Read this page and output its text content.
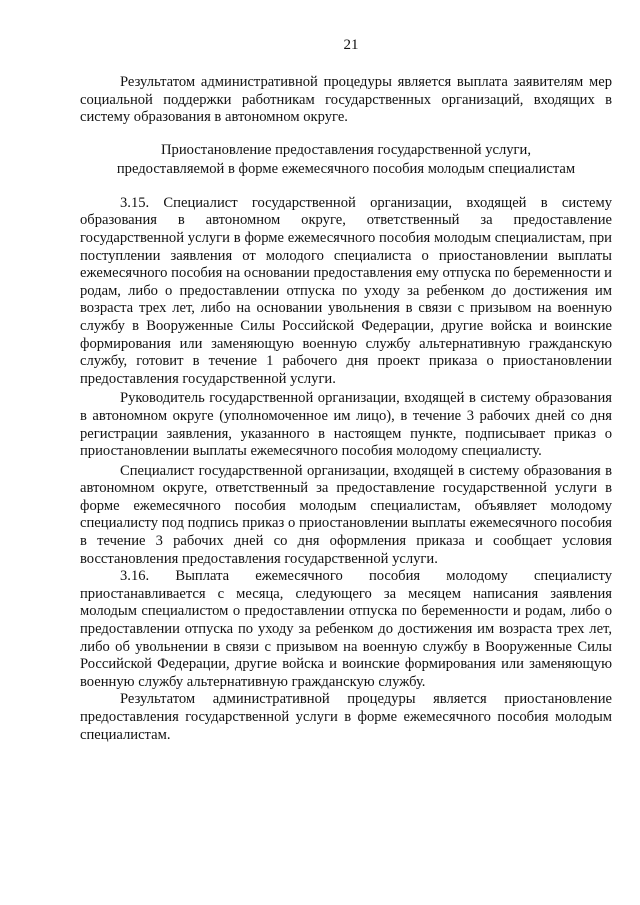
21

Результатом административной процедуры является выплата заявителям мер социальной поддержки работникам государственных организаций, входящих в систему образования в автономном округе.

Приостановление предоставления государственной услуги,
предоставляемой в форме ежемесячного пособия молодым специалистам

3.15. Специалист государственной организации, входящей в систему образования в автономном округе, ответственный за предоставление государственной услуги в форме ежемесячного пособия молодым специалистам, при поступлении заявления от молодого специалиста о приостановлении выплаты ежемесячного пособия на основании предоставления ему отпуска по беременности и родам, либо о предоставлении отпуска по уходу за ребенком до достижения им возраста трех лет, либо на основании увольнения в связи с призывом на военную службу в Вооруженные Силы Российской Федерации, другие войска и воинские формирования или заменяющую военную службу альтернативную гражданскую службу, готовит в течение 1 рабочего дня проект приказа о приостановлении предоставления государственной услуги.

Руководитель государственной организации, входящей в систему образования в автономном округе (уполномоченное им лицо), в течение 3 рабочих дней со дня регистрации заявления, указанного в настоящем пункте, подписывает приказ о приостановлении выплаты ежемесячного пособия молодому специалисту.

Специалист государственной организации, входящей в систему образования в автономном округе, ответственный за предоставление государственной услуги в форме ежемесячного пособия молодым специалистам, объявляет молодому специалисту под подпись приказ о приостановлении выплаты ежемесячного пособия в течение 3 рабочих дней со дня оформления приказа и сообщает условия восстановления предоставления государственной услуги.

3.16. Выплата ежемесячного пособия молодому специалисту приостанавливается с месяца, следующего за месяцем написания заявления молодым специалистом о предоставлении отпуска по беременности и родам, либо о предоставлении отпуска по уходу за ребенком до достижения им возраста трех лет, либо об увольнении в связи с призывом на военную службу в Вооруженные Силы Российской Федерации, другие войска и воинские формирования или заменяющую военную службу альтернативную гражданскую службу.

Результатом административной процедуры является приостановление предоставления государственной услуги в форме ежемесячного пособия молодым специалистам.
